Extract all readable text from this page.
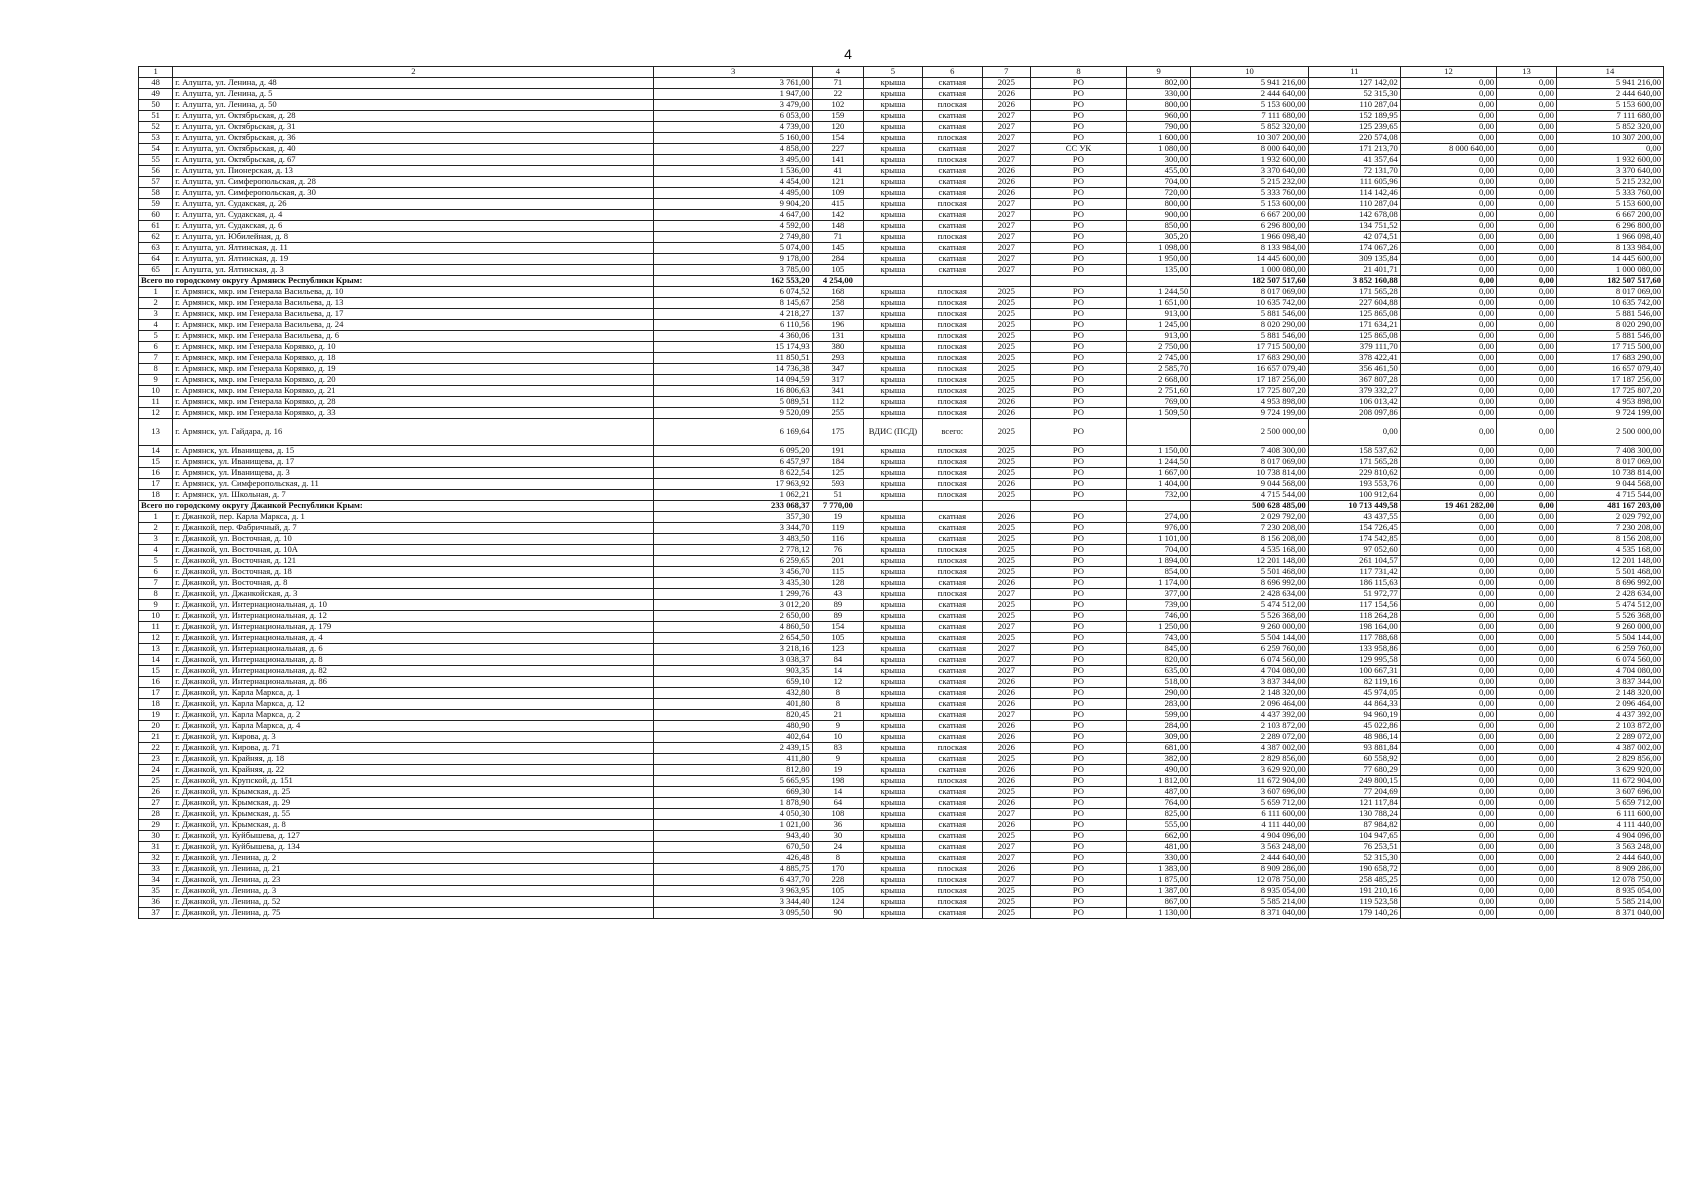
4
1	2	3	4	5	6	7	8	9	10	11	12	13	14
48	г. Алушта, ул. Ленина, д. 48	3 761,00	71	крыша	скатная	2025	РО	802,00	5 941 216,00	127 142,02	0,00	0,00	5 941 216,00
49	г. Алушта, ул. Ленина, д. 5	1 947,00	22	крыша	скатная	2026	РО	330,00	2 444 640,00	52 315,30	0,00	0,00	2 444 640,00
50	г. Алушта, ул. Ленина, д. 50	3 479,00	102	крыша	плоская	2026	РО	800,00	5 153 600,00	110 287,04	0,00	0,00	5 153 600,00
51	г. Алушта, ул. Октябрьская, д. 28	6 053,00	159	крыша	скатная	2027	РО	960,00	7 111 680,00	152 189,95	0,00	0,00	7 111 680,00
52	г. Алушта, ул. Октябрьская, д. 31	4 739,00	120	крыша	скатная	2027	РО	790,00	5 852 320,00	125 239,65	0,00	0,00	5 852 320,00
53	г. Алушта, ул. Октябрьская, д. 36	5 160,00	154	крыша	плоская	2027	РО	1 600,00	10 307 200,00	220 574,08	0,00	0,00	10 307 200,00
54	г. Алушта, ул. Октябрьская, д. 40	4 858,00	227	крыша	скатная	2027	СС УК	1 080,00	8 000 640,00	171 213,70	8 000 640,00	0,00	0,00
55	г. Алушта, ул. Октябрьская, д. 67	3 495,00	141	крыша	плоская	2027	РО	300,00	1 932 600,00	41 357,64	0,00	0,00	1 932 600,00
56	г. Алушта, ул. Пионерская, д. 13	1 536,00	41	крыша	скатная	2026	РО	455,00	3 370 640,00	72 131,70	0,00	0,00	3 370 640,00
57	г. Алушта, ул. Симферопольская, д. 28	4 454,00	121	крыша	скатная	2026	РО	704,00	5 215 232,00	111 605,96	0,00	0,00	5 215 232,00
58	г. Алушта, ул. Симферопольская, д. 30	4 495,00	109	крыша	скатная	2026	РО	720,00	5 333 760,00	114 142,46	0,00	0,00	5 333 760,00
59	г. Алушта, ул. Судакская, д. 26	9 904,20	415	крыша	плоская	2027	РО	800,00	5 153 600,00	110 287,04	0,00	0,00	5 153 600,00
60	г. Алушта, ул. Судакская, д. 4	4 647,00	142	крыша	скатная	2027	РО	900,00	6 667 200,00	142 678,08	0,00	0,00	6 667 200,00
61	г. Алушта, ул. Судакская, д. 6	4 592,00	148	крыша	скатная	2027	РО	850,00	6 296 800,00	134 751,52	0,00	0,00	6 296 800,00
62	г. Алушта, ул. Юбилейная, д. 8	2 749,80	71	крыша	плоская	2027	РО	305,20	1 966 098,40	42 074,51	0,00	0,00	1 966 098,40
63	г. Алушта, ул. Ялтинская, д. 11	5 074,00	145	крыша	скатная	2027	РО	1 098,00	8 133 984,00	174 067,26	0,00	0,00	8 133 984,00
64	г. Алушта, ул. Ялтинская, д. 19	9 178,00	284	крыша	скатная	2027	РО	1 950,00	14 445 600,00	309 135,84	0,00	0,00	14 445 600,00
65	г. Алушта, ул. Ялтинская, д. 3	3 785,00	105	крыша	скатная	2027	РО	135,00	1 000 080,00	21 401,71	0,00	0,00	1 000 080,00
Всего по городскому округу Армянск Республики Крым:		162 553,20	4 254,00						182 507 517,60	3 852 160,88	0,00	0,00	182 507 517,60
1	г. Армянск, мкр. им Генерала Васильева, д. 10	6 074,52	168	крыша	плоская	2025	РО	1 244,50	8 017 069,00	171 565,28	0,00	0,00	8 017 069,00
2	г. Армянск, мкр. им Генерала Васильева, д. 13	8 145,67	258	крыша	плоская	2025	РО	1 651,00	10 635 742,00	227 604,88	0,00	0,00	10 635 742,00
3	г. Армянск, мкр. им Генерала Васильева, д. 17	4 218,27	137	крыша	плоская	2025	РО	913,00	5 881 546,00	125 865,08	0,00	0,00	5 881 546,00
4	г. Армянск, мкр. им Генерала Васильева, д. 24	6 110,56	196	крыша	плоская	2025	РО	1 245,00	8 020 290,00	171 634,21	0,00	0,00	8 020 290,00
5	г. Армянск, мкр. им Генерала Васильева, д. 6	4 360,06	131	крыша	плоская	2025	РО	913,00	5 881 546,00	125 865,08	0,00	0,00	5 881 546,00
6	г. Армянск, мкр. им Генерала Корявко, д. 10	15 174,93	380	крыша	плоская	2025	РО	2 750,00	17 715 500,00	379 111,70	0,00	0,00	17 715 500,00
7	г. Армянск, мкр. им Генерала Корявко, д. 18	11 850,51	293	крыша	плоская	2025	РО	2 745,00	17 683 290,00	378 422,41	0,00	0,00	17 683 290,00
8	г. Армянск, мкр. им Генерала Корявко, д. 19	14 736,38	347	крыша	плоская	2025	РО	2 585,70	16 657 079,40	356 461,50	0,00	0,00	16 657 079,40
9	г. Армянск, мкр. им Генерала Корявко, д. 20	14 094,59	317	крыша	плоская	2025	РО	2 668,00	17 187 256,00	367 807,28	0,00	0,00	17 187 256,00
10	г. Армянск, мкр. им Генерала Корявко, д. 21	16 806,63	341	крыша	плоская	2025	РО	2 751,60	17 725 807,20	379 332,27	0,00	0,00	17 725 807,20
11	г. Армянск, мкр. им Генерала Корявко, д. 28	5 089,51	112	крыша	плоская	2026	РО	769,00	4 953 898,00	106 013,42	0,00	0,00	4 953 898,00
12	г. Армянск, мкр. им Генерала Корявко, д. 33	9 520,09	255	крыша	плоская	2026	РО	1 509,50	9 724 199,00	208 097,86	0,00	0,00	9 724 199,00
13	г. Армянск, ул. Гайдара, д. 16	6 169,64	175	ВДИС (ПСД)	всего:	2025	РО		2 500 000,00	0,00	0,00	0,00	2 500 000,00
14	г. Армянск, ул. Иванищева, д. 15	6 095,20	191	крыша	плоская	2025	РО	1 150,00	7 408 300,00	158 537,62	0,00	0,00	7 408 300,00
15	г. Армянск, ул. Иванищева, д. 17	6 457,97	184	крыша	плоская	2025	РО	1 244,50	8 017 069,00	171 565,28	0,00	0,00	8 017 069,00
16	г. Армянск, ул. Иванищева, д. 3	8 622,54	125	крыша	плоская	2025	РО	1 667,00	10 738 814,00	229 810,62	0,00	0,00	10 738 814,00
17	г. Армянск, ул. Симферопольская, д. 11	17 963,92	593	крыша	плоская	2026	РО	1 404,00	9 044 568,00	193 553,76	0,00	0,00	9 044 568,00
18	г. Армянск, ул. Школьная, д. 7	1 062,21	51	крыша	плоская	2025	РО	732,00	4 715 544,00	100 912,64	0,00	0,00	4 715 544,00
Всего по городскому округу Джанкой Республики Крым:		233 068,37	7 770,00						500 628 485,00	10 713 449,58	19 461 282,00	0,00	481 167 203,00
1	г. Джанкой, пер. Карла Маркса, д. 1	357,30	19	крыша	скатная	2026	РО	274,00	2 029 792,00	43 437,55	0,00	0,00	2 029 792,00
2	г. Джанкой, пер. Фабричный, д. 7	3 344,70	119	крыша	скатная	2025	РО	976,00	7 230 208,00	154 726,45	0,00	0,00	7 230 208,00
3	г. Джанкой, ул. Восточная, д. 10	3 483,50	116	крыша	скатная	2025	РО	1 101,00	8 156 208,00	174 542,85	0,00	0,00	8 156 208,00
4	г. Джанкой, ул. Восточная, д. 10А	2 778,12	76	крыша	плоская	2025	РО	704,00	4 535 168,00	97 052,60	0,00	0,00	4 535 168,00
5	г. Джанкой, ул. Восточная, д. 121	6 259,65	201	крыша	плоская	2025	РО	1 894,00	12 201 148,00	261 104,57	0,00	0,00	12 201 148,00
6	г. Джанкой, ул. Восточная, д. 18	3 456,70	115	крыша	плоская	2025	РО	854,00	5 501 468,00	117 731,42	0,00	0,00	5 501 468,00
7	г. Джанкой, ул. Восточная, д. 8	3 435,30	128	крыша	скатная	2026	РО	1 174,00	8 696 992,00	186 115,63	0,00	0,00	8 696 992,00
8	г. Джанкой, ул. Джанкойская, д. 3	1 299,76	43	крыша	плоская	2027	РО	377,00	2 428 634,00	51 972,77	0,00	0,00	2 428 634,00
9	г. Джанкой, ул. Интернациональная, д. 10	3 012,20	89	крыша	скатная	2025	РО	739,00	5 474 512,00	117 154,56	0,00	0,00	5 474 512,00
10	г. Джанкой, ул. Интернациональная, д. 12	2 650,00	89	крыша	скатная	2025	РО	746,00	5 526 368,00	118 264,28	0,00	0,00	5 526 368,00
11	г. Джанкой, ул. Интернациональная, д. 179	4 860,50	154	крыша	скатная	2027	РО	1 250,00	9 260 000,00	198 164,00	0,00	0,00	9 260 000,00
12	г. Джанкой, ул. Интернациональная, д. 4	2 654,50	105	крыша	скатная	2025	РО	743,00	5 504 144,00	117 788,68	0,00	0,00	5 504 144,00
13	г. Джанкой, ул. Интернациональная, д. 6	3 218,16	123	крыша	скатная	2027	РО	845,00	6 259 760,00	133 958,86	0,00	0,00	6 259 760,00
14	г. Джанкой, ул. Интернациональная, д. 8	3 038,37	84	крыша	скатная	2027	РО	820,00	6 074 560,00	129 995,58	0,00	0,00	6 074 560,00
15	г. Джанкой, ул. Интернациональная, д. 82	903,35	14	крыша	скатная	2027	РО	635,00	4 704 080,00	100 667,31	0,00	0,00	4 704 080,00
16	г. Джанкой, ул. Интернациональная, д. 86	659,10	12	крыша	скатная	2026	РО	518,00	3 837 344,00	82 119,16	0,00	0,00	3 837 344,00
17	г. Джанкой, ул. Карла Маркса, д. 1	432,80	8	крыша	скатная	2026	РО	290,00	2 148 320,00	45 974,05	0,00	0,00	2 148 320,00
18	г. Джанкой, ул. Карла Маркса, д. 12	401,80	8	крыша	скатная	2026	РО	283,00	2 096 464,00	44 864,33	0,00	0,00	2 096 464,00
19	г. Джанкой, ул. Карла Маркса, д. 2	820,45	21	крыша	скатная	2027	РО	599,00	4 437 392,00	94 960,19	0,00	0,00	4 437 392,00
20	г. Джанкой, ул. Карла Маркса, д. 4	480,90	9	крыша	скатная	2026	РО	284,00	2 103 872,00	45 022,86	0,00	0,00	2 103 872,00
21	г. Джанкой, ул. Кирова, д. 3	402,64	10	крыша	скатная	2026	РО	309,00	2 289 072,00	48 986,14	0,00	0,00	2 289 072,00
22	г. Джанкой, ул. Кирова, д. 71	2 439,15	83	крыша	плоская	2026	РО	681,00	4 387 002,00	93 881,84	0,00	0,00	4 387 002,00
23	г. Джанкой, ул. Крайняя, д. 18	411,80	9	крыша	скатная	2025	РО	382,00	2 829 856,00	60 558,92	0,00	0,00	2 829 856,00
24	г. Джанкой, ул. Крайняя, д. 22	812,80	19	крыша	скатная	2026	РО	490,00	3 629 920,00	77 680,29	0,00	0,00	3 629 920,00
25	г. Джанкой, ул. Крупской, д. 151	5 665,95	198	крыша	плоская	2026	РО	1 812,00	11 672 904,00	249 800,15	0,00	0,00	11 672 904,00
26	г. Джанкой, ул. Крымская, д. 25	669,30	14	крыша	скатная	2025	РО	487,00	3 607 696,00	77 204,69	0,00	0,00	3 607 696,00
27	г. Джанкой, ул. Крымская, д. 29	1 878,90	64	крыша	скатная	2026	РО	764,00	5 659 712,00	121 117,84	0,00	0,00	5 659 712,00
28	г. Джанкой, ул. Крымская, д. 55	4 050,30	108	крыша	скатная	2027	РО	825,00	6 111 600,00	130 788,24	0,00	0,00	6 111 600,00
29	г. Джанкой, ул. Крымская, д. 8	1 021,00	36	крыша	скатная	2026	РО	555,00	4 111 440,00	87 984,82	0,00	0,00	4 111 440,00
30	г. Джанкой, ул. Куйбышева, д. 127	943,40	30	крыша	скатная	2025	РО	662,00	4 904 096,00	104 947,65	0,00	0,00	4 904 096,00
31	г. Джанкой, ул. Куйбышева, д. 134	670,50	24	крыша	скатная	2027	РО	481,00	3 563 248,00	76 253,51	0,00	0,00	3 563 248,00
32	г. Джанкой, ул. Ленина, д. 2	426,48	8	крыша	скатная	2027	РО	330,00	2 444 640,00	52 315,30	0,00	0,00	2 444 640,00
33	г. Джанкой, ул. Ленина, д. 21	4 885,75	170	крыша	плоская	2026	РО	1 383,00	8 909 286,00	190 658,72	0,00	0,00	8 909 286,00
34	г. Джанкой, ул. Ленина, д. 23	6 437,70	228	крыша	плоская	2027	РО	1 875,00	12 078 750,00	258 485,25	0,00	0,00	12 078 750,00
35	г. Джанкой, ул. Ленина, д. 3	3 963,95	105	крыша	плоская	2025	РО	1 387,00	8 935 054,00	191 210,16	0,00	0,00	8 935 054,00
36	г. Джанкой, ул. Ленина, д. 52	3 344,40	124	крыша	плоская	2025	РО	867,00	5 585 214,00	119 523,58	0,00	0,00	5 585 214,00
37	г. Джанкой, ул. Ленина, д. 75	3 095,50	90	крыша	скатная	2025	РО	1 130,00	8 371 040,00	179 140,26	0,00	0,00	8 371 040,00
